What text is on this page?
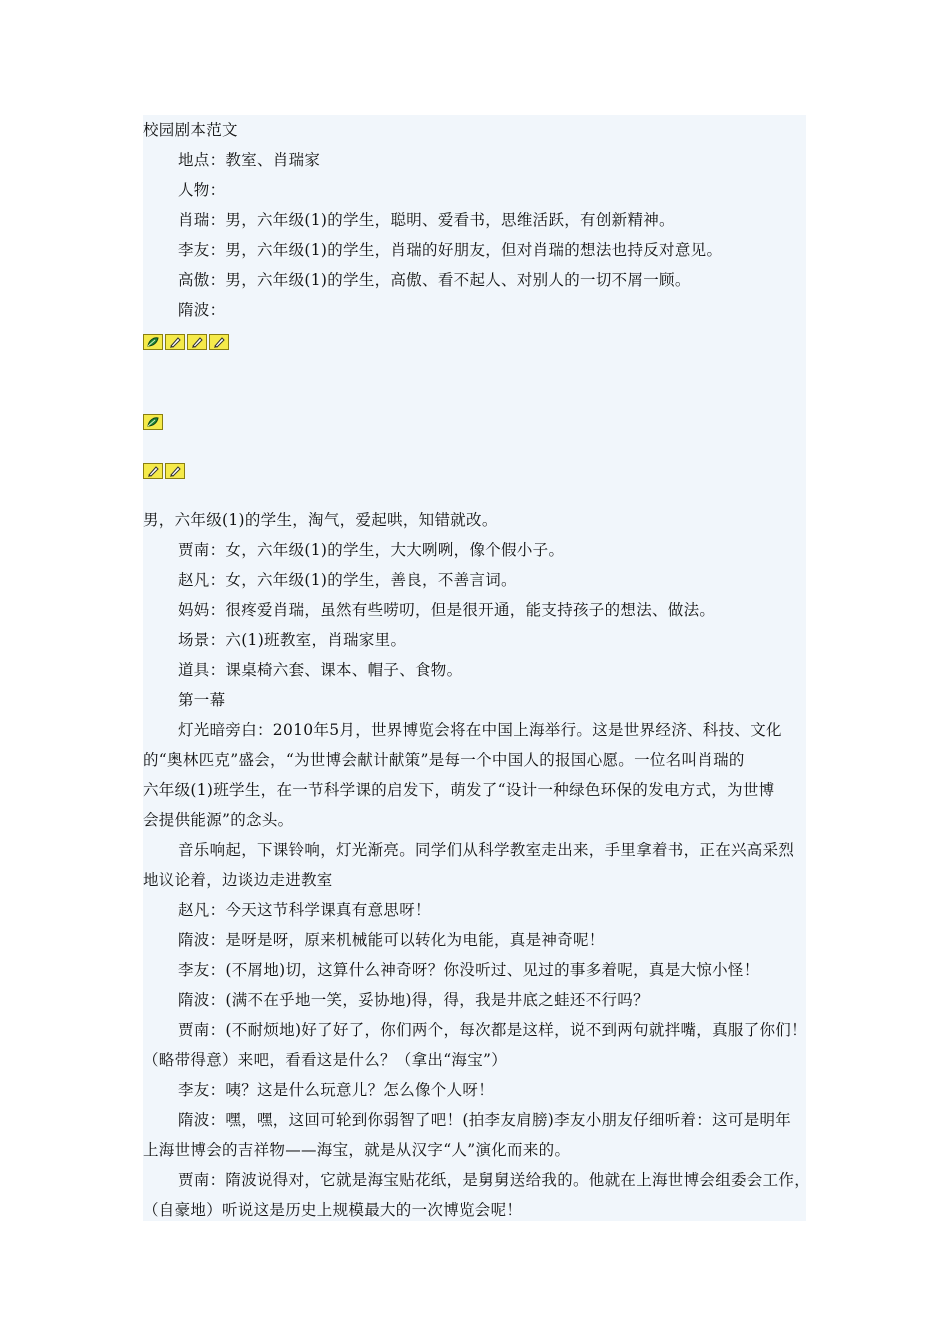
校园剧本范文
地点：教室、肖瑞家
人物：
肖瑞：男，六年级(1)的学生，聪明、爱看书，思维活跃，有创新精神。
李友：男，六年级(1)的学生，肖瑞的好朋友，但对肖瑞的想法也持反对意见。
高傲：男，六年级(1)的学生，高傲、看不起人、对别人的一切不屑一顾。
隋波：
男，六年级(1)的学生，淘气，爱起哄，知错就改。
贾南：女，六年级(1)的学生，大大咧咧，像个假小子。
赵凡：女，六年级(1)的学生，善良，不善言词。
妈妈：很疼爱肖瑞，虽然有些唠叨，但是很开通，能支持孩子的想法、做法。
场景：六(1)班教室，肖瑞家里。
道具：课桌椅六套、课本、帽子、食物。
第一幕
灯光暗旁白：2010年5月，世界博览会将在中国上海举行。这是世界经济、科技、文化
的“奥林匹克”盛会，“为世博会献计献策”是每一个中国人的报国心愿。一位名叫肖瑞的
六年级(1)班学生，在一节科学课的启发下，萌发了“设计一种绿色环保的发电方式，为世博
会提供能源”的念头。
音乐响起，下课铃响，灯光渐亮。同学们从科学教室走出来，手里拿着书，正在兴高采烈
地议论着，边谈边走进教室
赵凡：今天这节科学课真有意思呀！
隋波：是呀是呀，原来机械能可以转化为电能，真是神奇呢！
李友：(不屑地)切，这算什么神奇呀？你没听过、见过的事多着呢，真是大惊小怪！
隋波：(满不在乎地一笑，妥协地)得，得，我是井底之蛙还不行吗？
贾南：(不耐烦地)好了好了，你们两个，每次都是这样，说不到两句就拌嘴，真服了你们！
（略带得意）来吧，看看这是什么？（拿出“海宝”）
李友：咦？这是什么玩意儿？怎么像个人呀！
隋波：嘿，嘿，这回可轮到你弱智了吧！(拍李友肩膀)李友小朋友仔细听着：这可是明年
上海世博会的吉祥物——海宝，就是从汉字“人”演化而来的。
贾南：隋波说得对，它就是海宝贴花纸，是舅舅送给我的。他就在上海世博会组委会工作，
（自豪地）听说这是历史上规模最大的一次博览会呢！
